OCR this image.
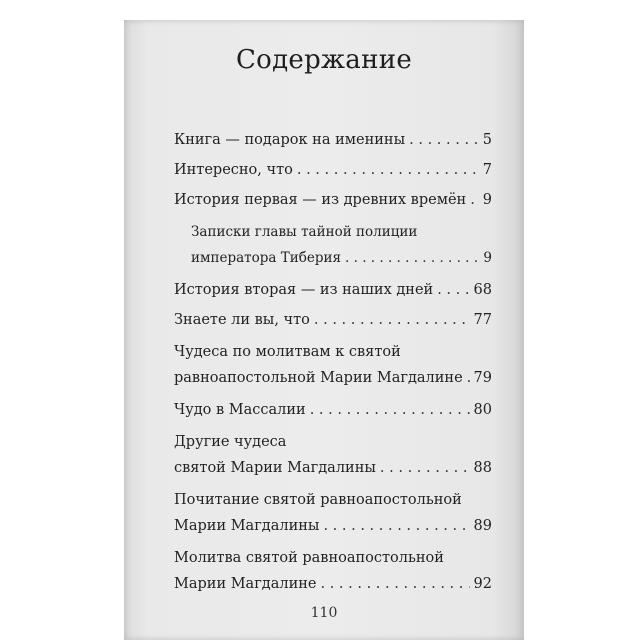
Содержание
Книга — подарок на именины . . .	5
Интересно, что . . .	7
История первая — из древних времён . . . 9
Записки главы тайной полиции
императора Тиберия . . .	9
История вторая — из наших дней . . .	68
Знаете ли вы, что . . .	77
Чудеса по молитвам к святой
равноапостольной Марии Магдалине . . . 79
Чудо в Массалии . . .	80
Другие чудеса
святой Марии Магдалины . . .	88
Почитание святой равноапостольной
Марии Магдалины . . .	89
Молитва святой равноапостольной
Марии Магдалине . . .	92
110
